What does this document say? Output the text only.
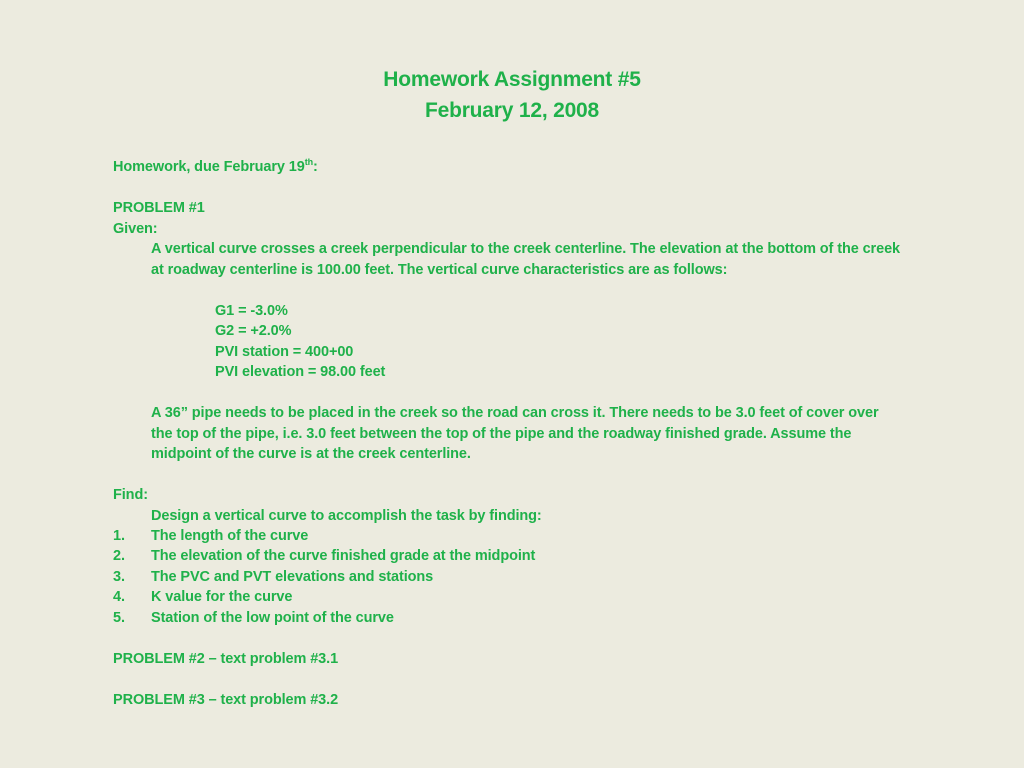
Homework Assignment #5
February 12, 2008
Homework, due February 19th:
PROBLEM #1
Given:
A vertical curve crosses a creek perpendicular to the creek centerline. The elevation at the bottom of the creek
at roadway centerline is 100.00 feet. The vertical curve characteristics are as follows:
G1 = -3.0%
G2 = +2.0%
PVI station = 400+00
PVI elevation = 98.00 feet
A 36” pipe needs to be placed in the creek so the road can cross it. There needs to be 3.0 feet of cover over
the top of the pipe, i.e. 3.0 feet between the top of the pipe and the roadway finished grade. Assume the
midpoint of the curve is at the creek centerline.
Find:
Design a vertical curve to accomplish the task by finding:
1. The length of the curve
2. The elevation of the curve finished grade at the midpoint
3. The PVC and PVT elevations and stations
4. K value for the curve
5. Station of the low point of the curve
PROBLEM #2 – text problem #3.1
PROBLEM #3 – text problem #3.2
